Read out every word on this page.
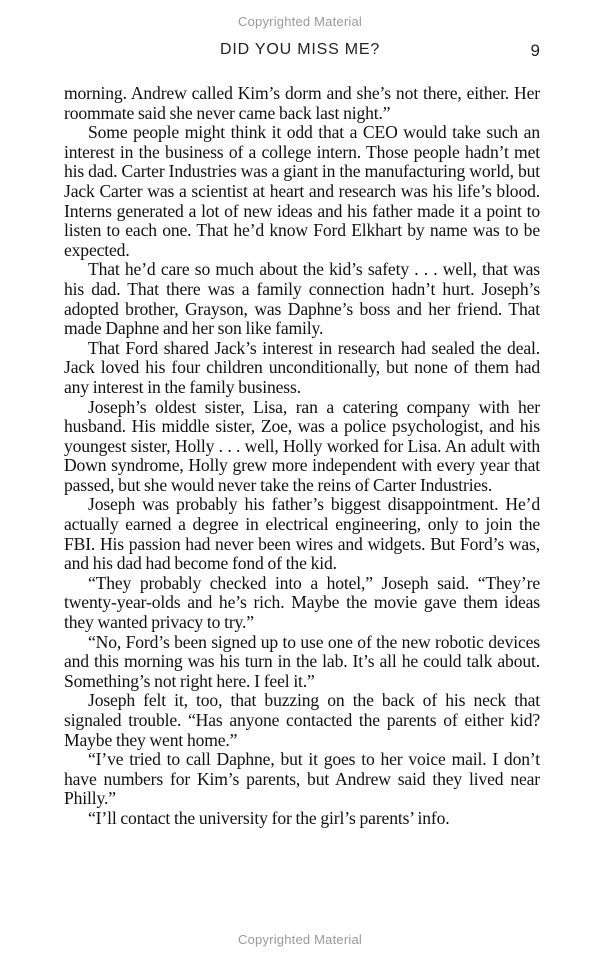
Copyrighted Material
DID YOU MISS ME?	9

morning. Andrew called Kim’s dorm and she’s not there, either. Her roommate said she never came back last night.”

Some people might think it odd that a CEO would take such an interest in the business of a college intern. Those people hadn’t met his dad. Carter Industries was a giant in the manufacturing world, but Jack Carter was a scientist at heart and research was his life’s blood. Interns generated a lot of new ideas and his father made it a point to listen to each one. That he’d know Ford Elkhart by name was to be expected.

That he’d care so much about the kid’s safety . . . well, that was his dad. That there was a family connection hadn’t hurt. Joseph’s adopted brother, Grayson, was Daphne’s boss and her friend. That made Daphne and her son like family.

That Ford shared Jack’s interest in research had sealed the deal. Jack loved his four children unconditionally, but none of them had any interest in the family business.

Joseph’s oldest sister, Lisa, ran a catering company with her husband. His middle sister, Zoe, was a police psychologist, and his youngest sister, Holly . . . well, Holly worked for Lisa. An adult with Down syndrome, Holly grew more independent with every year that passed, but she would never take the reins of Carter Industries.

Joseph was probably his father’s biggest disappointment. He’d actually earned a degree in electrical engineering, only to join the FBI. His passion had never been wires and widgets. But Ford’s was, and his dad had become fond of the kid.

“They probably checked into a hotel,” Joseph said. “They’re twenty-year-olds and he’s rich. Maybe the movie gave them ideas they wanted privacy to try.”

“No, Ford’s been signed up to use one of the new robotic devices and this morning was his turn in the lab. It’s all he could talk about. Something’s not right here. I feel it.”

Joseph felt it, too, that buzzing on the back of his neck that signaled trouble. “Has anyone contacted the parents of either kid? Maybe they went home.”

“I’ve tried to call Daphne, but it goes to her voice mail. I don’t have numbers for Kim’s parents, but Andrew said they lived near Philly.”

“I’ll contact the university for the girl’s parents’ info.

Copyrighted Material
